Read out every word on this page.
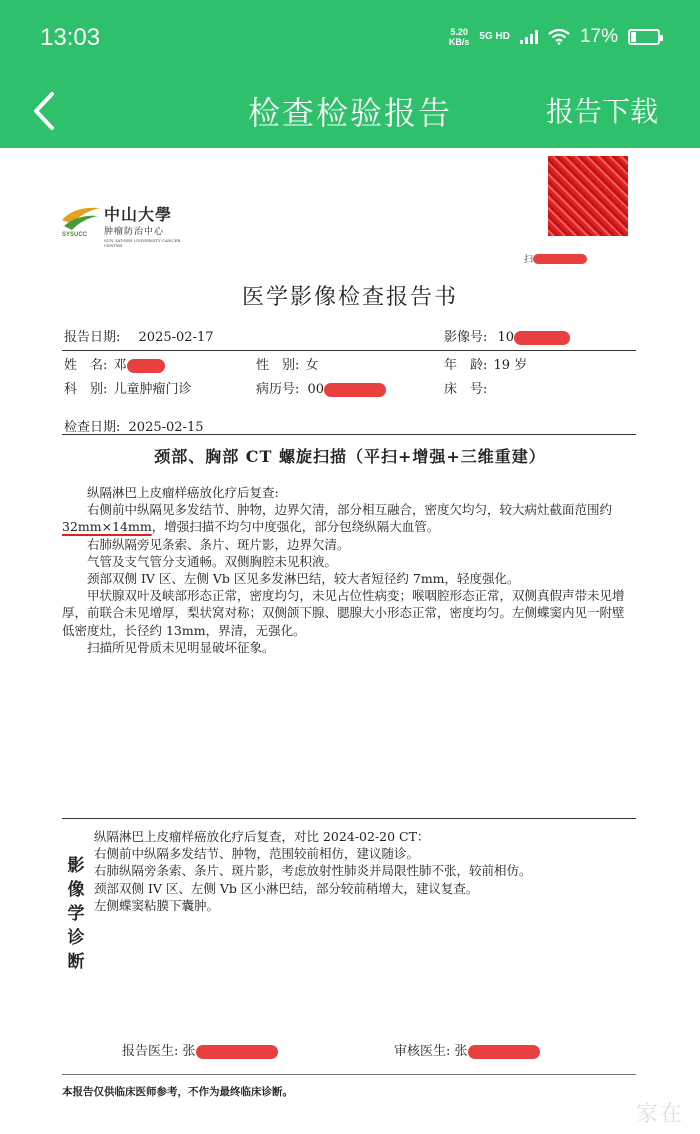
13:03	5.20
KB/s 5G HD	17%
检查检验报告	报告下载
SYSUCC
中山大學
肿瘤防治中心
SUN YAT-SEN UNIVERSITY CANCER CENTER
扫
医学影像检查报告书
报告日期: 2025-02-17	影像号: 10
姓　名: 邓	性　别: 女	年　龄: 19 岁
科　别: 儿童肿瘤门诊	病历号: 00	床　号:
检查日期: 2025-02-15
颈部、胸部 CT 螺旋扫描（平扫+增强+三维重建）

纵隔淋巴上皮瘤样癌放化疗后复查:

右侧前中纵隔见多发结节、肿物，边界欠清，部分相互融合，密度欠均匀，较大病灶截面范围约32mm×14mm，增强扫描不均匀中度强化，部分包绕纵隔大血管。

右肺纵隔旁见条索、条片、斑片影，边界欠清。

气管及支气管分支通畅。双侧胸腔未见积液。

颈部双侧 IV 区、左侧 Vb 区见多发淋巴结，较大者短径约 7mm，轻度强化。

甲状腺双叶及峡部形态正常，密度均匀，未见占位性病变；喉咽腔形态正常，双侧真假声带未见增厚，前联合未见增厚，梨状窝对称；双侧颌下腺、腮腺大小形态正常，密度均匀。左侧蝶窦内见一附壁低密度灶，长径约 13mm，界清，无强化。

扫描所见骨质未见明显破坏征象。

影
像
学
诊
断

纵隔淋巴上皮瘤样癌放化疗后复查，对比 2024-02-20 CT：

右侧前中纵隔多发结节、肿物，范围较前相仿，建议随诊。

右肺纵隔旁条索、条片、斑片影，考虑放射性肺炎并局限性肺不张，较前相仿。

颈部双侧 IV 区、左侧 Vb 区小淋巴结，部分较前稍增大，建议复查。

左侧蝶窦粘膜下囊肿。

报告医生: 张	审核医生: 张
本报告仅供临床医师参考，不作为最终临床诊断。
家在
